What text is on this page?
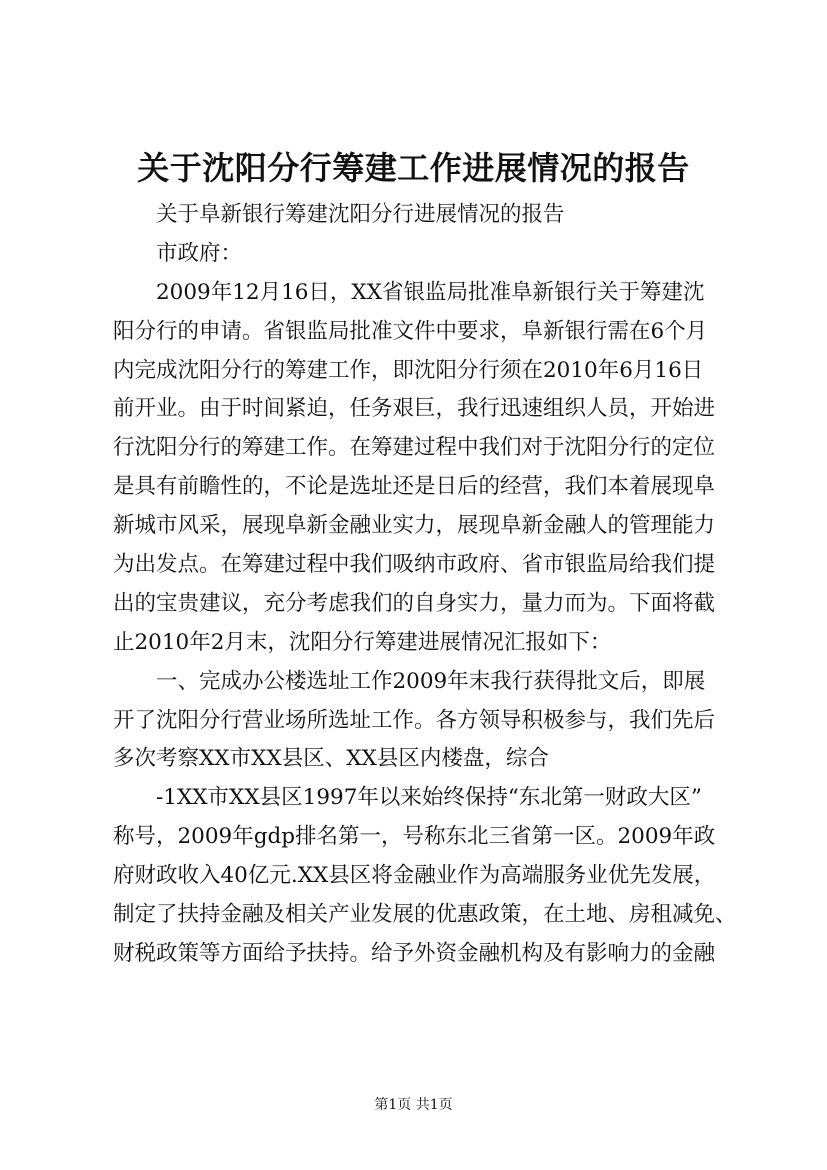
关于沈阳分行筹建工作进展情况的报告
关于阜新银行筹建沈阳分行进展情况的报告
市政府：
2009年12月16日，XX省银监局批准阜新银行关于筹建沈
阳分行的申请。省银监局批准文件中要求，阜新银行需在6个月
内完成沈阳分行的筹建工作，即沈阳分行须在2010年6月16日
前开业。由于时间紧迫，任务艰巨，我行迅速组织人员，开始进
行沈阳分行的筹建工作。在筹建过程中我们对于沈阳分行的定位
是具有前瞻性的，不论是选址还是日后的经营，我们本着展现阜
新城市风采，展现阜新金融业实力，展现阜新金融人的管理能力
为出发点。在筹建过程中我们吸纳市政府、省市银监局给我们提
出的宝贵建议，充分考虑我们的自身实力，量力而为。下面将截
止2010年2月末，沈阳分行筹建进展情况汇报如下：
一、完成办公楼选址工作2009年末我行获得批文后，即展
开了沈阳分行营业场所选址工作。各方领导积极参与，我们先后
多次考察XX市XX县区、XX县区内楼盘，综合
-1XX市XX县区1997年以来始终保持“东北第一财政大区”
称号，2009年gdp排名第一，号称东北三省第一区。2009年政
府财政收入40亿元.XX县区将金融业作为高端服务业优先发展，
制定了扶持金融及相关产业发展的优惠政策，在土地、房租减免、
财税政策等方面给予扶持。给予外资金融机构及有影响力的金融
第1页 共1页
